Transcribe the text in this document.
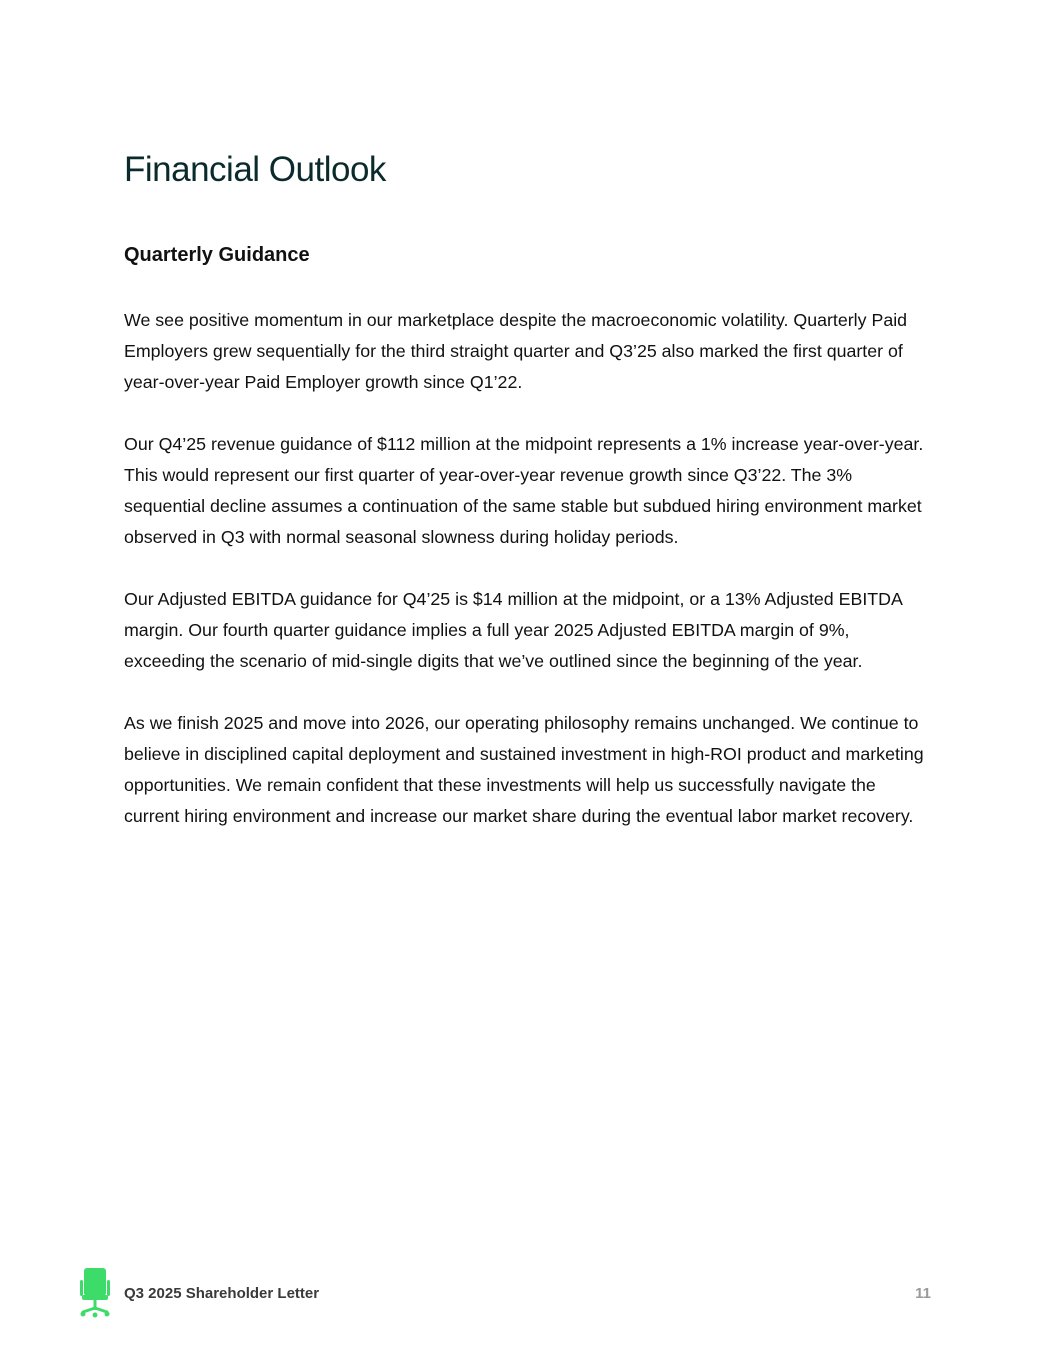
Financial Outlook
Quarterly Guidance

We see positive momentum in our marketplace despite the macroeconomic volatility. Quarterly Paid Employers grew sequentially for the third straight quarter and Q3’25 also marked the first quarter of year-over-year Paid Employer growth since Q1’22.

Our Q4’25 revenue guidance of $112 million at the midpoint represents a 1% increase year-over-year. This would represent our first quarter of year-over-year revenue growth since Q3’22. The 3% sequential decline assumes a continuation of the same stable but subdued hiring environment market observed in Q3 with normal seasonal slowness during holiday periods.

Our Adjusted EBITDA guidance for Q4’25 is $14 million at the midpoint, or a 13% Adjusted EBITDA margin. Our fourth quarter guidance implies a full year 2025 Adjusted EBITDA margin of 9%, exceeding the scenario of mid-single digits that we’ve outlined since the beginning of the year.

As we finish 2025 and move into 2026, our operating philosophy remains unchanged. We continue to believe in disciplined capital deployment and sustained investment in high-ROI product and marketing opportunities. We remain confident that these investments will help us successfully navigate the current hiring environment and increase our market share during the eventual labor market recovery.

Q3 2025 Shareholder Letter	11
